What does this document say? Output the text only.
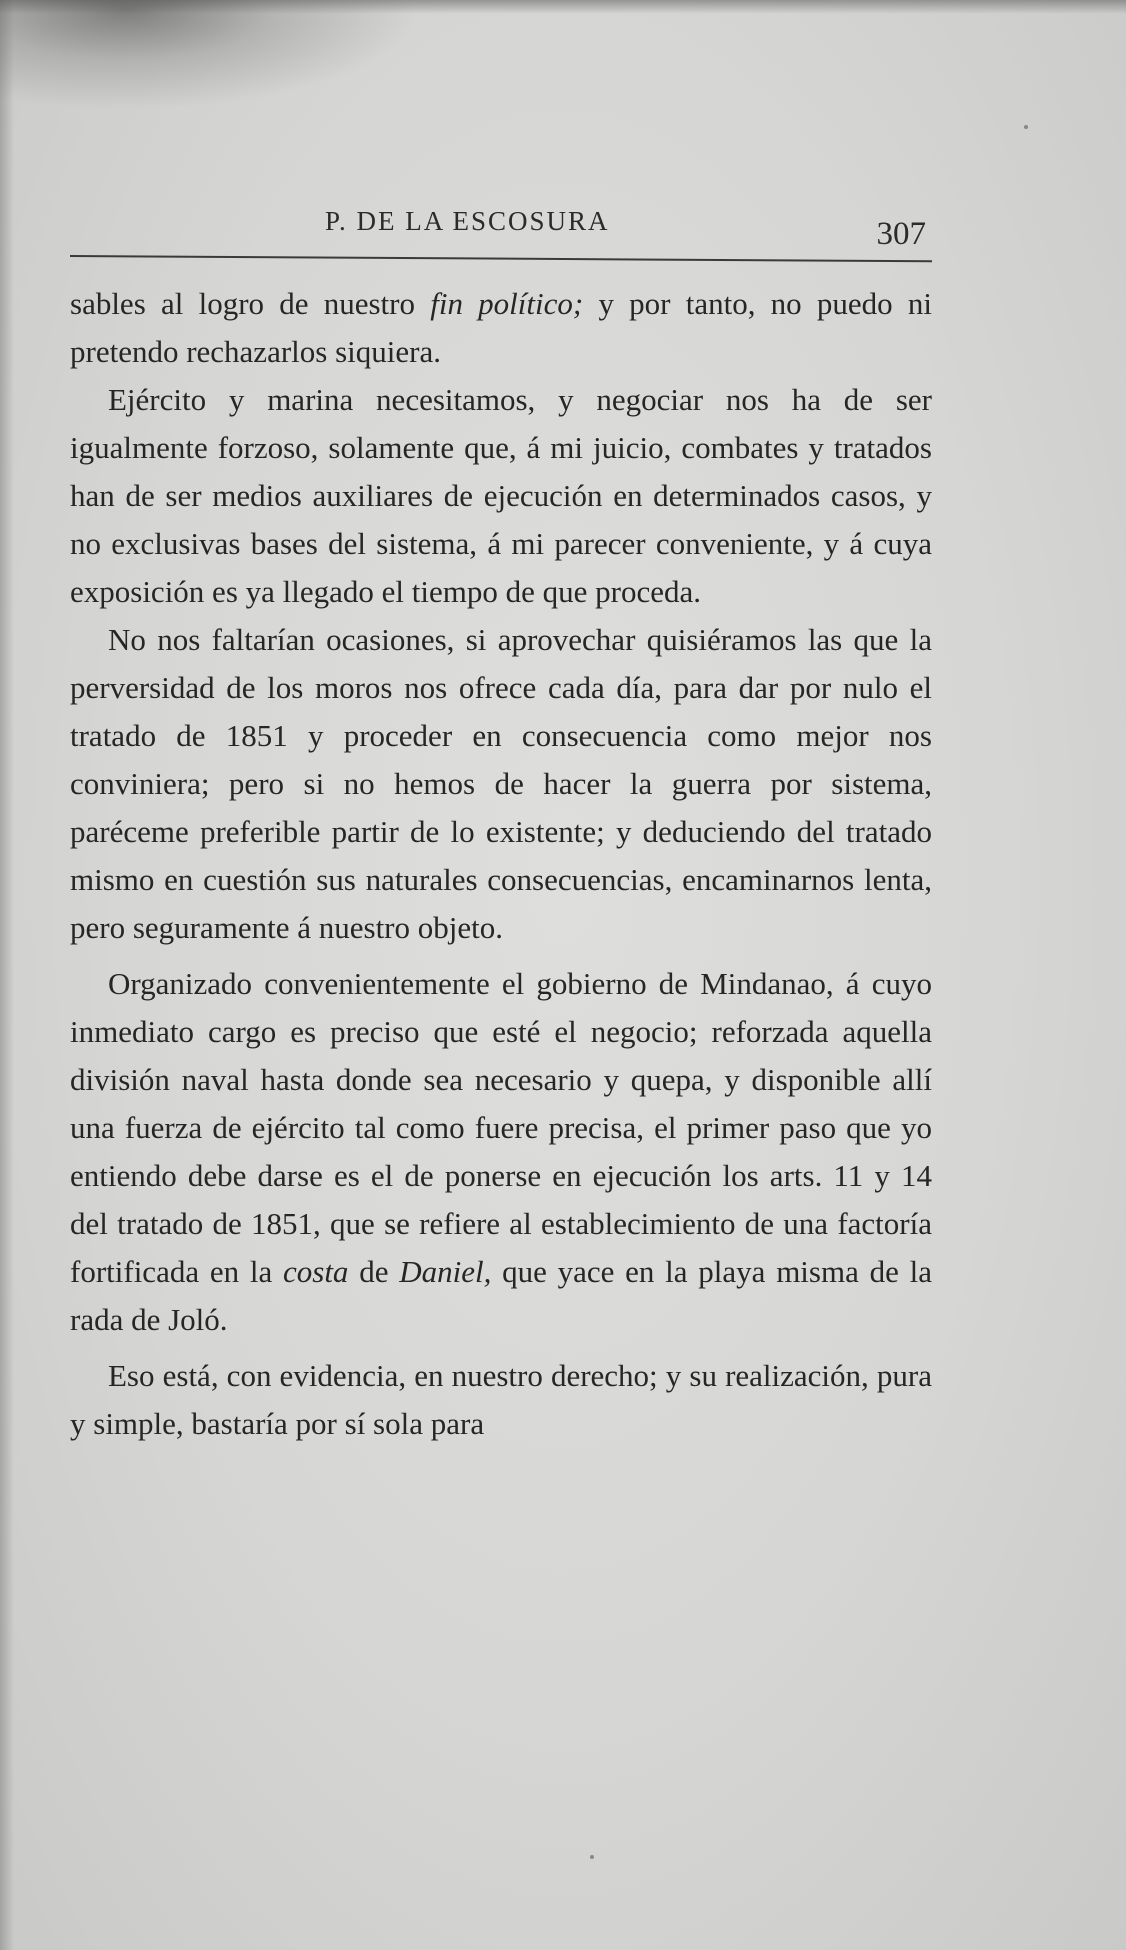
P. DE LA ESCOSURA	307

sables al logro de nuestro fin político; y por tanto, no puedo ni pretendo rechazarlos siquiera.

Ejército y marina necesitamos, y negociar nos ha de ser igualmente forzoso, solamente que, á mi juicio, combates y tratados han de ser medios auxiliares de ejecución en determinados casos, y no exclusivas bases del sistema, á mi parecer conveniente, y á cuya exposición es ya llegado el tiempo de que proceda.

No nos faltarían ocasiones, si aprovechar quisiéramos las que la perversidad de los moros nos ofrece cada día, para dar por nulo el tratado de 1851 y proceder en consecuencia como mejor nos conviniera; pero si no hemos de hacer la guerra por sistema, paréceme preferible partir de lo existente; y deduciendo del tratado mismo en cuestión sus naturales consecuencias, encaminarnos lenta, pero seguramente á nuestro objeto.

Organizado convenientemente el gobierno de Mindanao, á cuyo inmediato cargo es preciso que esté el negocio; reforzada aquella división naval hasta donde sea necesario y quepa, y disponible allí una fuerza de ejército tal como fuere precisa, el primer paso que yo entiendo debe darse es el de ponerse en ejecución los arts. 11 y 14 del tratado de 1851, que se refiere al establecimiento de una factoría fortificada en la costa de Daniel, que yace en la playa misma de la rada de Joló.

Eso está, con evidencia, en nuestro derecho; y su realización, pura y simple, bastaría por sí sola para
